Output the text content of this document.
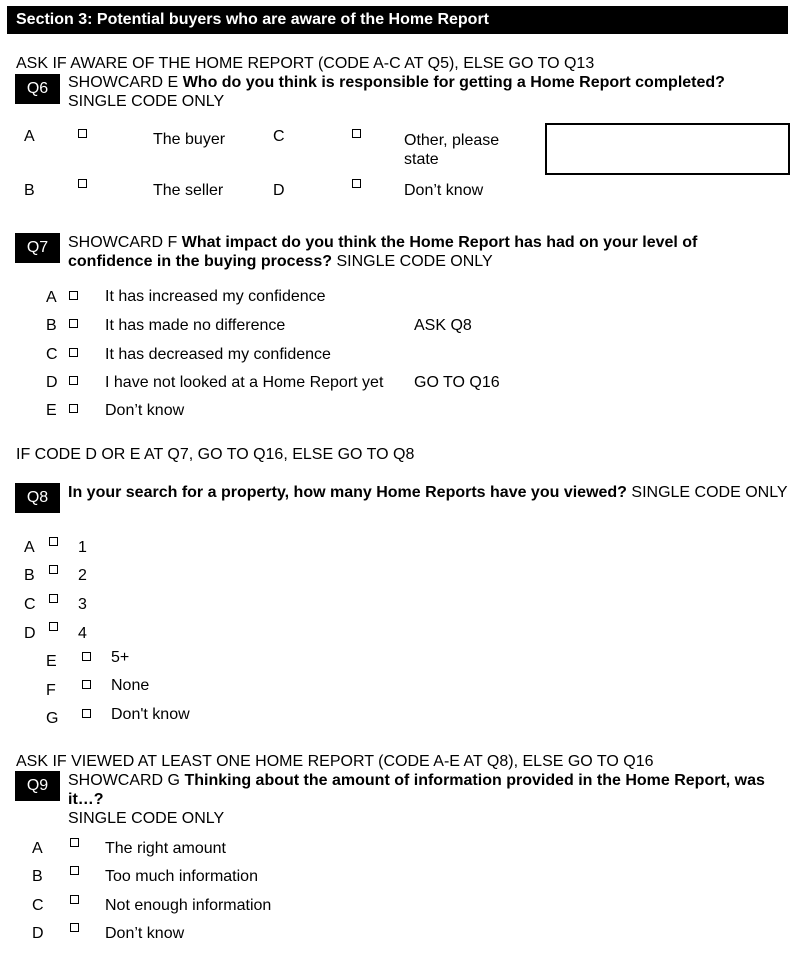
Section 3: Potential buyers who are aware of the Home Report
ASK IF AWARE OF THE HOME REPORT (CODE A-C AT Q5), ELSE GO TO Q13
Q6	SHOWCARD E Who do you think is responsible for getting a Home Report completed?
SINGLE CODE ONLY
A	The buyer	C	Other, please state
B	The seller	D	Don’t know
Q7	SHOWCARD F What impact do you think the Home Report has had on your level of confidence in the buying process? SINGLE CODE ONLY
A	It has increased my confidence
B	It has made no difference	ASK Q8
C	It has decreased my confidence
D	I have not looked at a Home Report yet GO TO Q16
E	Don’t know
IF CODE D OR E AT Q7, GO TO Q16, ELSE GO TO Q8
Q8	In your search for a property, how many Home Reports have you viewed? SINGLE CODE ONLY
A	1
B	2
C	3
D	4
E	5+
F	None
G	Don't know
ASK IF VIEWED AT LEAST ONE HOME REPORT (CODE A-E AT Q8), ELSE GO TO Q16
Q9	SHOWCARD G Thinking about the amount of information provided in the Home Report, was it…?
SINGLE CODE ONLY
A	The right amount
B	Too much information
C	Not enough information
D	Don’t know
